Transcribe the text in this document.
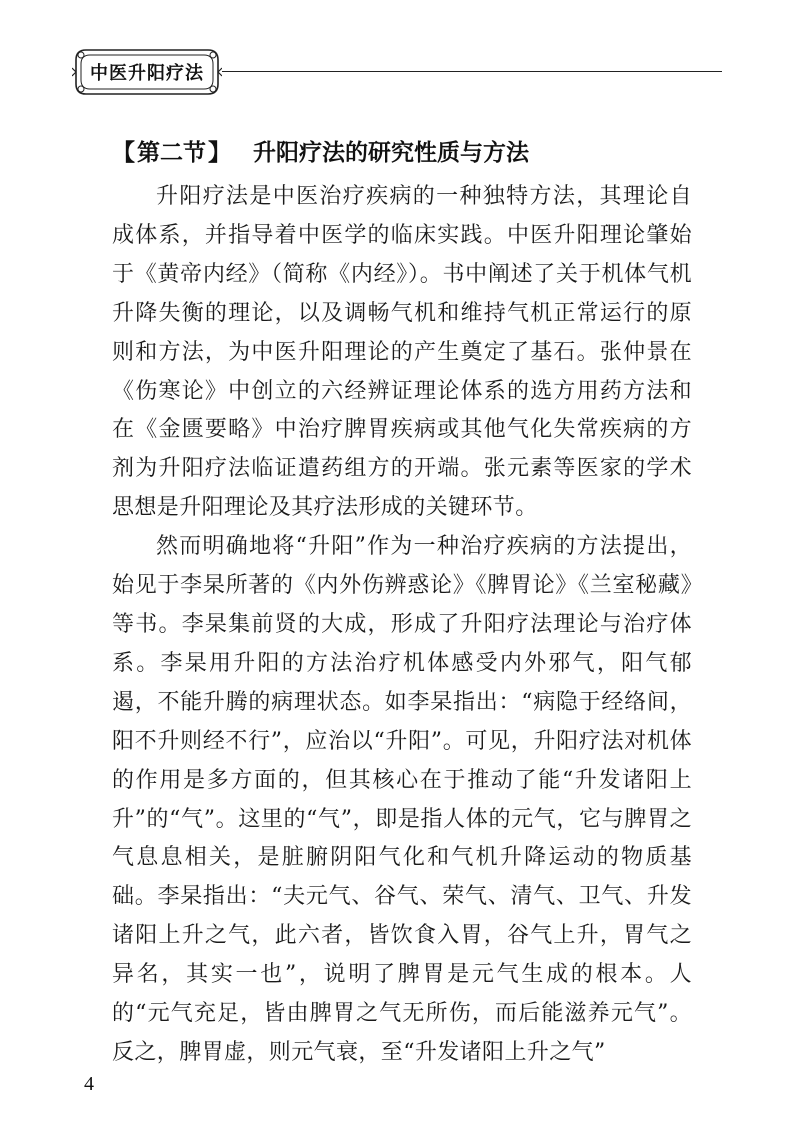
中医升阳疗法
【 第二节 】 升阳疗法的研究性质与方法

升阳疗法是中医治疗疾病的一种独特方法，其理论自成体系，并指导着中医学的临床实践。中医升阳理论肇始于《黄帝内经》（简称《内经》）。书中阐述了关于机体气机升降失衡的理论，以及调畅气机和维持气机正常运行的原则和方法，为中医升阳理论的产生奠定了基石。张仲景在《伤寒论》中创立的六经辨证理论体系的选方用药方法和在《金匮要略》中治疗脾胃疾病或其他气化失常疾病的方剂为升阳疗法临证遣药组方的开端。张元素等医家的学术思想是升阳理论及其疗法形成的关键环节。

然而明确地将“升阳”作为一种治疗疾病的方法提出，始见于李杲所著的《内外伤辨惑论》《脾胃论》《兰室秘藏》等书。李杲集前贤的大成，形成了升阳疗法理论与治疗体系。李杲用升阳的方法治疗机体感受内外邪气，阳气郁遏，不能升腾的病理状态。如李杲指出：“病隐于经络间，阳不升则经不行”，应治以“升阳”。可见，升阳疗法对机体的作用是多方面的，但其核心在于推动了能“升发诸阳上升”的“气”。这里的“气”，即是指人体的元气，它与脾胃之气息息相关，是脏腑阴阳气化和气机升降运动的物质基础。李杲指出：“夫元气、谷气、荣气、清气、卫气、升发诸阳上升之气，此六者，皆饮食入胃，谷气上升，胃气之异名，其实一也”，说明了脾胃是元气生成的根本。人的“元气充足，皆由脾胃之气无所伤，而后能滋养元气”。反之，脾胃虚，则元气衰，至“升发诸阳上升之气”

4
